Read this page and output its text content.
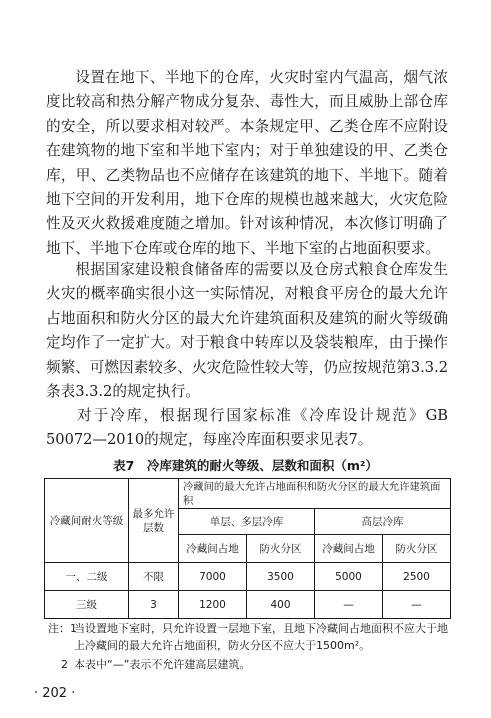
设置在地下、半地下的仓库，火灾时室内气温高，烟气浓度比较高和热分解产物成分复杂、毒性大，而且威胁上部仓库的安全，所以要求相对较严。本条规定甲、乙类仓库不应附设在建筑物的地下室和半地下室内；对于单独建设的甲、乙类仓库，甲、乙类物品也不应储存在该建筑的地下、半地下。随着地下空间的开发利用，地下仓库的规模也越来越大，火灾危险性及灭火救援难度随之增加。针对该种情况，本次修订明确了地下、半地下仓库或仓库的地下、半地下室的占地面积要求。

根据国家建设粮食储备库的需要以及仓房式粮食仓库发生火灾的概率确实很小这一实际情况，对粮食平房仓的最大允许占地面积和防火分区的最大允许建筑面积及建筑的耐火等级确定均作了一定扩大。对于粮食中转库以及袋装粮库，由于操作频繁、可燃因素较多、火灾危险性较大等，仍应按规范第3.3.2条表3.3.2的规定执行。

对于冷库，根据现行国家标准《冷库设计规范》GB 50072—2010的规定，每座冷库面积要求见表7。

表7　冷库建筑的耐火等级、层数和面积（m²）
冷藏间耐火等级	最多允许层数	冷藏间的最大允许占地面积和防火分区的最大允许建筑面积			
		单层、多层冷库		高层冷库	
		冷藏间占地	防火分区	冷藏间占地	防火分区
一、二级	不限	7000	3500	5000	2500
三级	3	1200	400	—	—

注：1
当设置地下室时，只允许设置一层地下室，且地下冷藏间占地面积不应大于地上冷藏间的最大允许占地面积，防火分区不应大于1500m²。

2 本表中“—”表示不允许建高层建筑。

· 202 ·
